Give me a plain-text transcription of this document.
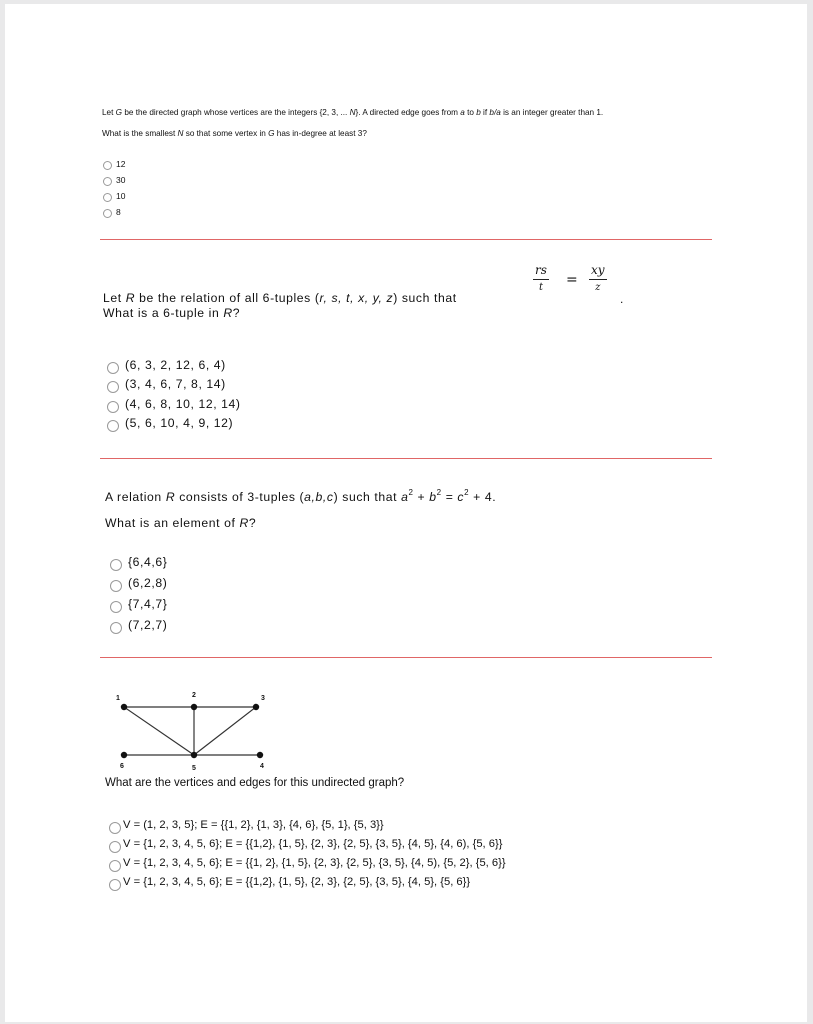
Let G be the directed graph whose vertices are the integers {2, 3, ... N}. A directed edge goes from a to b if b/a is an integer greater than 1.
What is the smallest N so that some vertex in G has in-degree at least 3?
12
30
10
8
rs
t	=
xy
z
.
Let R be the relation of all 6-tuples (r, s, t, x, y, z) such that
What is a 6-tuple in R?
(6, 3, 2, 12, 6, 4)
(3, 4, 6, 7, 8, 14)
(4, 6, 8, 10, 12, 14)
(5, 6, 10, 4, 9, 12)
A relation R consists of 3-tuples (a,b,c) such that $a^2 + b^2 = c^2 + 4$.
What is an element of R?
{6,4,6}
(6,2,8)
{7,4,7}
(7,2,7)
1	2	3
6	5	4
What are the vertices and edges for this undirected graph?
V = (1, 2, 3, 5}; E = {{1, 2}, {1, 3}, {4, 6}, {5, 1}, {5, 3}}
V = {1, 2, 3, 4, 5, 6}; E = {{1,2}, {1, 5}, {2, 3}, {2, 5}, {3, 5}, {4, 5}, {4, 6), {5, 6}}
V = {1, 2, 3, 4, 5, 6}; E = {{1, 2}, {1, 5}, {2, 3}, {2, 5}, {3, 5}, {4, 5), {5, 2}, {5, 6}}
V = {1, 2, 3, 4, 5, 6}; E = {{1,2}, {1, 5}, {2, 3}, {2, 5}, {3, 5}, {4, 5}, {5, 6}}
